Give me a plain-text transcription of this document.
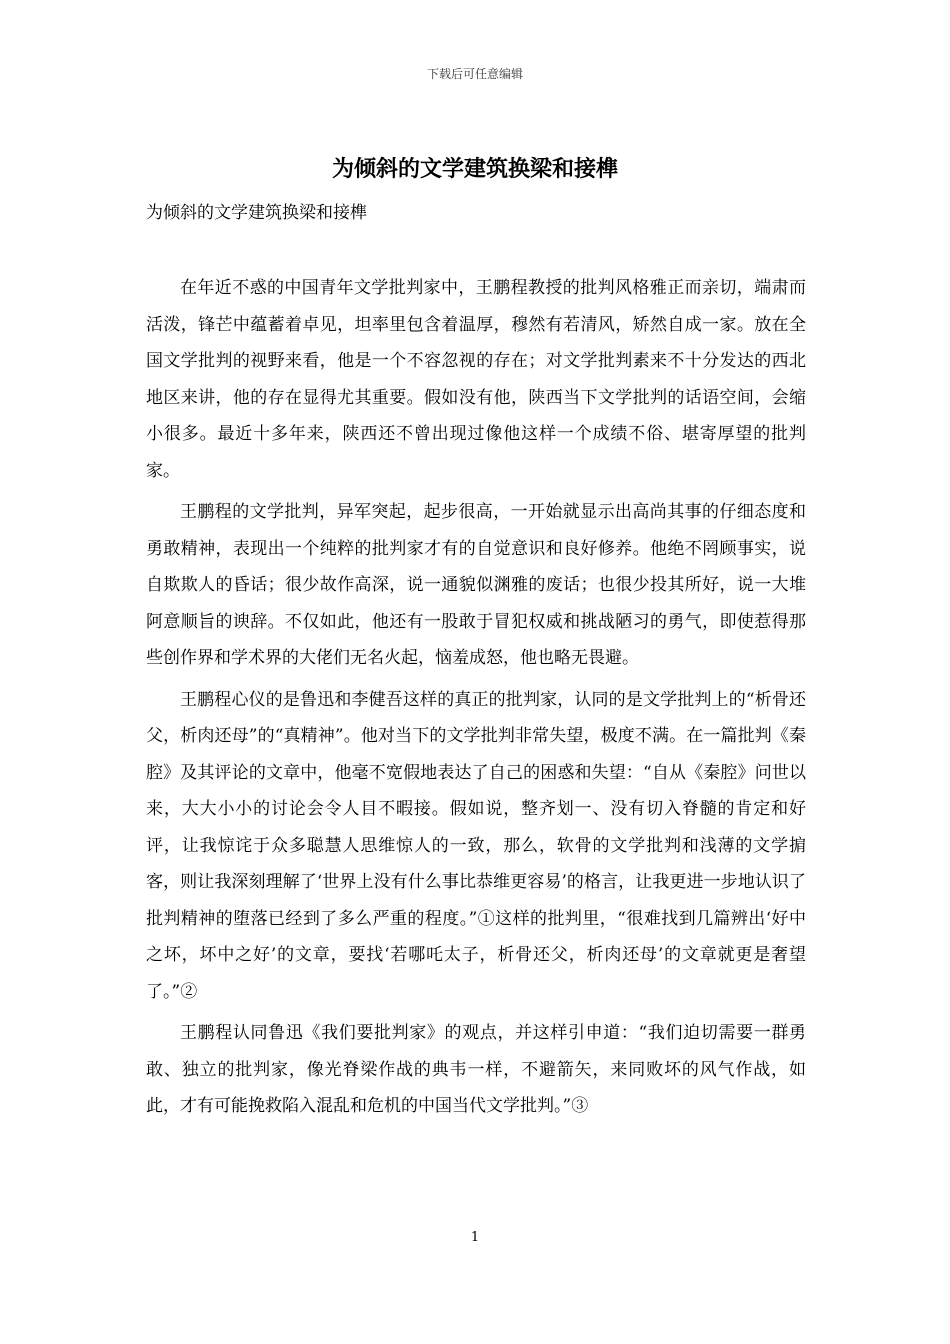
下载后可任意编辑
为倾斜的文学建筑换梁和接榫
为倾斜的文学建筑换梁和接榫

在年近不惑的中国青年文学批判家中，王鹏程教授的批判风格雅正而亲切，端肃而活泼，锋芒中蕴蓄着卓见，坦率里包含着温厚，穆然有若清风，矫然自成一家。放在全国文学批判的视野来看，他是一个不容忽视的存在；对文学批判素来不十分发达的西北地区来讲，他的存在显得尤其重要。假如没有他，陕西当下文学批判的话语空间，会缩小很多。最近十多年来，陕西还不曾出现过像他这样一个成绩不俗、堪寄厚望的批判家。

王鹏程的文学批判，异军突起，起步很高，一开始就显示出高尚其事的仔细态度和勇敢精神，表现出一个纯粹的批判家才有的自觉意识和良好修养。他绝不罔顾事实，说自欺欺人的昏话；很少故作高深，说一通貌似渊雅的废话；也很少投其所好，说一大堆阿意顺旨的谀辞。不仅如此，他还有一股敢于冒犯权威和挑战陋习的勇气，即使惹得那些创作界和学术界的大佬们无名火起，恼羞成怒，他也略无畏避。

王鹏程心仪的是鲁迅和李健吾这样的真正的批判家，认同的是文学批判上的“析骨还父，析肉还母”的“真精神”。他对当下的文学批判非常失望，极度不满。在一篇批判《秦腔》及其评论的文章中，他毫不宽假地表达了自己的困惑和失望：“自从《秦腔》问世以来，大大小小的讨论会令人目不暇接。假如说，整齐划一、没有切入脊髓的肯定和好评，让我惊诧于众多聪慧人思维惊人的一致，那么，软骨的文学批判和浅薄的文学掮客，则让我深刻理解了‘世界上没有什么事比恭维更容易’的格言，让我更进一步地认识了批判精神的堕落已经到了多么严重的程度。”①这样的批判里，“很难找到几篇辨出‘好中之坏，坏中之好’的文章，要找‘若哪吒太子，析骨还父，析肉还母’的文章就更是奢望了。”②

王鹏程认同鲁迅《我们要批判家》的观点，并这样引申道：“我们迫切需要一群勇敢、独立的批判家，像光脊梁作战的典韦一样，不避箭矢，来同败坏的风气作战，如此，才有可能挽救陷入混乱和危机的中国当代文学批判。”③

1
